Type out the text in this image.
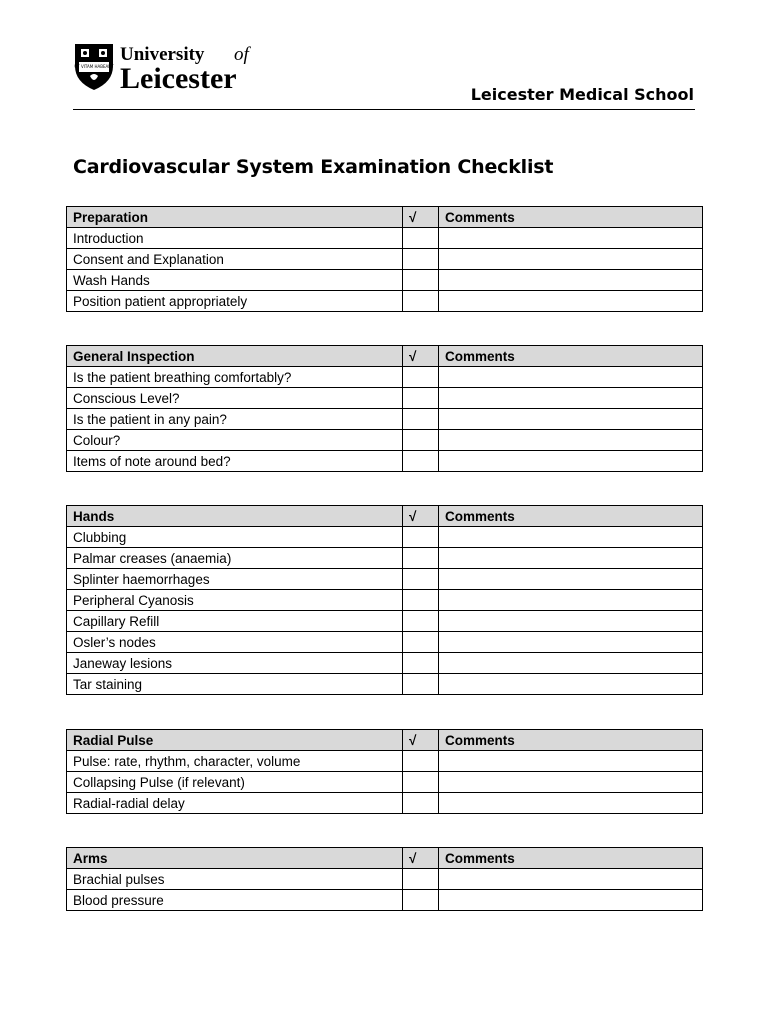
UT VITAM HABEANT
University of
Leicester	Leicester Medical School
Cardiovascular System Examination Checklist
Preparation	√	Comments
Introduction		
Consent and Explanation		
Wash Hands		
Position patient appropriately		
General Inspection	√	Comments
Is the patient breathing comfortably?		
Conscious Level?		
Is the patient in any pain?		
Colour?		
Items of note around bed?		
Hands	√	Comments
Clubbing		
Palmar creases (anaemia)		
Splinter haemorrhages		
Peripheral Cyanosis		
Capillary Refill		
Osler’s nodes		
Janeway lesions		
Tar staining		
Radial Pulse	√	Comments
Pulse: rate, rhythm, character, volume		
Collapsing Pulse (if relevant)		
Radial-radial delay		
Arms	√	Comments
Brachial pulses		
Blood pressure		
